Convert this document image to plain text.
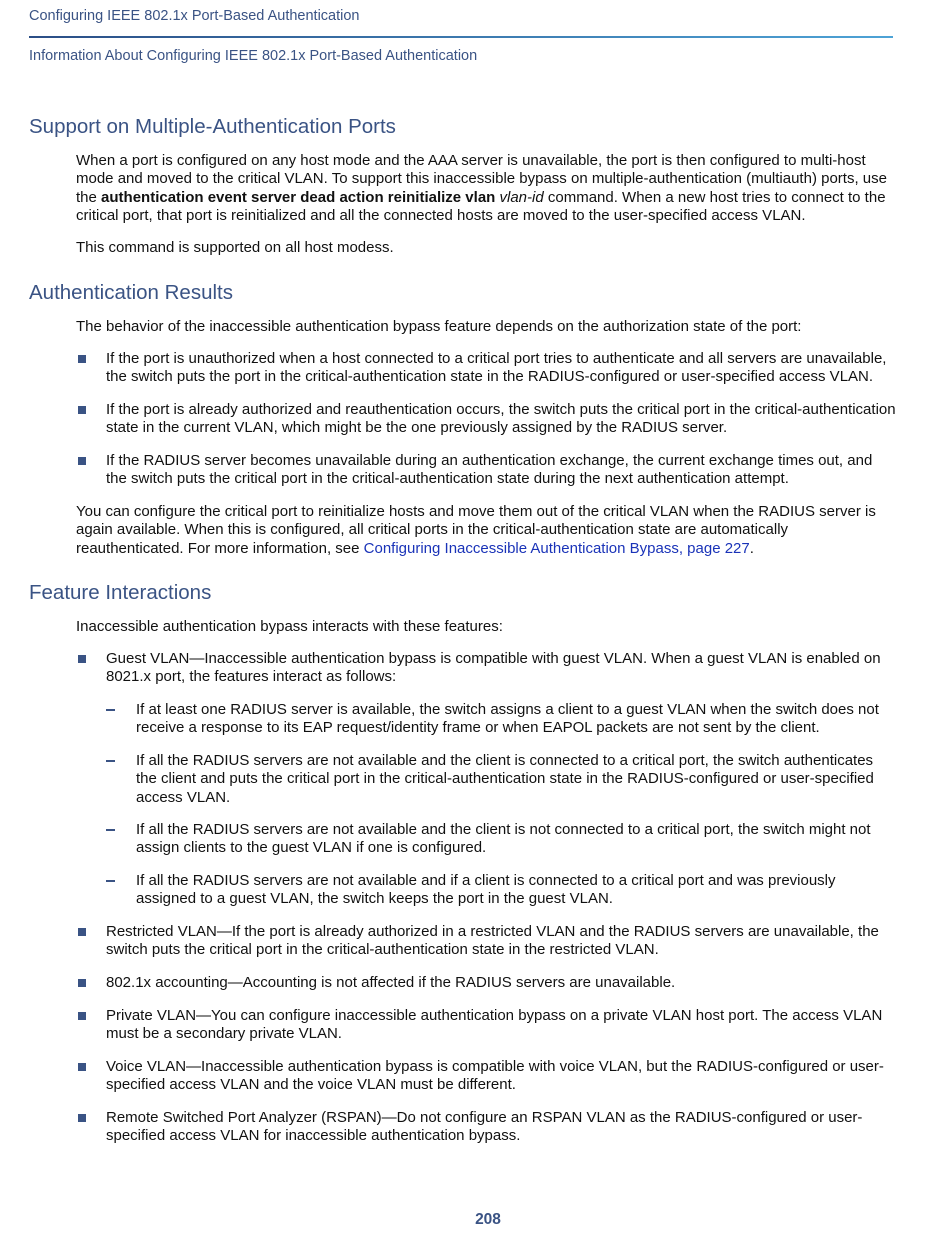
Configuring IEEE 802.1x Port-Based Authentication
Information About Configuring IEEE 802.1x Port-Based Authentication
Support on Multiple-Authentication Ports

When a port is configured on any host mode and the AAA server is unavailable, the port is then configured to multi-host mode and moved to the critical VLAN. To support this inaccessible bypass on multiple-authentication (multiauth) ports, use the authentication event server dead action reinitialize vlan vlan-id command. When a new host tries to connect to the critical port, that port is reinitialized and all the connected hosts are moved to the user-specified access VLAN.

This command is supported on all host modess.

Authentication Results

The behavior of the inaccessible authentication bypass feature depends on the authorization state of the port:

If the port is unauthorized when a host connected to a critical port tries to authenticate and all servers are unavailable, the switch puts the port in the critical-authentication state in the RADIUS-configured or user-specified access VLAN.

If the port is already authorized and reauthentication occurs, the switch puts the critical port in the critical-authentication state in the current VLAN, which might be the one previously assigned by the RADIUS server.

If the RADIUS server becomes unavailable during an authentication exchange, the current exchange times out, and the switch puts the critical port in the critical-authentication state during the next authentication attempt.

You can configure the critical port to reinitialize hosts and move them out of the critical VLAN when the RADIUS server is again available. When this is configured, all critical ports in the critical-authentication state are automatically reauthenticated. For more information, see Configuring Inaccessible Authentication Bypass, page 227.

Feature Interactions

Inaccessible authentication bypass interacts with these features:

Guest VLAN—Inaccessible authentication bypass is compatible with guest VLAN. When a guest VLAN is enabled on 8021.x port, the features interact as follows:

If at least one RADIUS server is available, the switch assigns a client to a guest VLAN when the switch does not receive a response to its EAP request/identity frame or when EAPOL packets are not sent by the client.

If all the RADIUS servers are not available and the client is connected to a critical port, the switch authenticates the client and puts the critical port in the critical-authentication state in the RADIUS-configured or user-specified access VLAN.

If all the RADIUS servers are not available and the client is not connected to a critical port, the switch might not assign clients to the guest VLAN if one is configured.

If all the RADIUS servers are not available and if a client is connected to a critical port and was previously assigned to a guest VLAN, the switch keeps the port in the guest VLAN.

Restricted VLAN—If the port is already authorized in a restricted VLAN and the RADIUS servers are unavailable, the switch puts the critical port in the critical-authentication state in the restricted VLAN.

802.1x accounting—Accounting is not affected if the RADIUS servers are unavailable.

Private VLAN—You can configure inaccessible authentication bypass on a private VLAN host port. The access VLAN must be a secondary private VLAN.

Voice VLAN—Inaccessible authentication bypass is compatible with voice VLAN, but the RADIUS-configured or user-specified access VLAN and the voice VLAN must be different.

Remote Switched Port Analyzer (RSPAN)—Do not configure an RSPAN VLAN as the RADIUS-configured or user-specified access VLAN for inaccessible authentication bypass.

208
